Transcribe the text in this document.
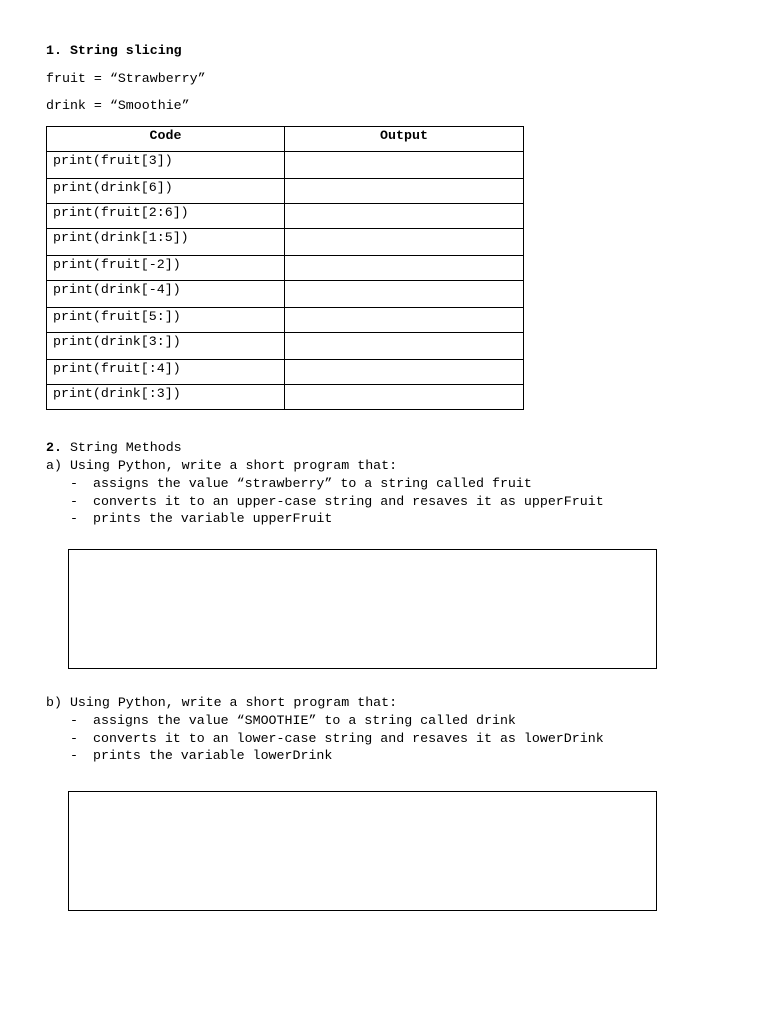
1. String slicing
fruit = “Strawberry”
drink = “Smoothie”
Code	Output
print(fruit[3])	
print(drink[6])	
print(fruit[2:6])	
print(drink[1:5])	
print(fruit[-2])	
print(drink[-4])	
print(fruit[5:])	
print(drink[3:])	
print(fruit[:4])	
print(drink[:3])	
2. String Methods
a) Using Python, write a short program that:
- assigns the value “strawberry” to a string called fruit
- converts it to an upper-case string and resaves it as upperFruit
- prints the variable upperFruit
b) Using Python, write a short program that:
- assigns the value “SMOOTHIE” to a string called drink
- converts it to an lower-case string and resaves it as lowerDrink
- prints the variable lowerDrink
